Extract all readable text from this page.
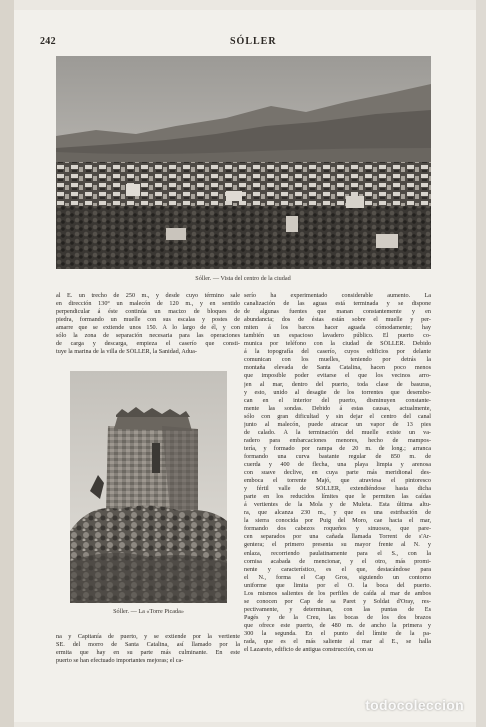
242	SÓLLER
Sóller. — Vista del centro de la ciudad

al E. un trecho de 250 m., y desde cuyo término sale

en dirección 130° un malecón de 120 m., y en sentido

perpendicular á éste continúa un macizo de bloques de

piedra, formando un muelle con sus escalas y postes de

amarre que se extiende unos 150. Á lo largo de él, y con

sólo la zona de separación necesaria para las operaciones

de carga y descarga, empieza el caserío que consti-

tuye la marina de la villa de SÓLLER, la Sanidad, Adua-

Sóller. — La «Torre Picada»

na y Capitanía de puerto, y se extiende por la vertiente

SE. del morro de Santa Catalina, así llamado por la

ermita que hay en su parte más culminante. En este

puerto se han efectuado importantes mejoras; el ca-

serío ha experimentado considerable aumento. La

canalización de las aguas está terminada y se dispone

de algunas fuentes que manan constantemente y en

abundancia; dos de éstas están sobre el muelle y per-

miten á los barcos hacer aguada cómodamente; hay

también un espacioso lavadero público. El puerto co-

munica por teléfono con la ciudad de SÓLLER. Debido

á la topografía del caserío, cuyos edificios por delante

comunican con los muelles, teniendo por detrás la

montaña elevada de Santa Catalina, hacen poco menos

que imposible poder evitarse el que los vecinos arro-

jen al mar, dentro del puerto, toda clase de basuras,

y esto, unido al desagüe de los torrentes que desembo-

can en el interior del puerto, disminuyen constante-

mente las sondas. Debido á estas causas, actualmente,

sólo con gran dificultad y sin dejar el centro del canal

junto al malecón, puede atracar un vapor de 13 pies

de calado. Á la terminación del muelle existe un va-

radero para embarcaciones menores, hecho de mampos-

tería, y formado por rampa de 20 m. de long.; arranca

formando una curva bastante regular de 850 m. de

cuerda y 400 de flecha, una playa limpia y arenosa

con suave declive, en cuya parte más meridional des-

emboca el torrente Majó, que atraviesa el pintoresco

y fértil valle de SÓLLER, extendiéndose hasta dicha

parte en los reducidos límites que le permiten las caídas

á vertientes de la Mola y de Muleta. Esta última altu-

ra, que alcanza 230 m., y que es una estribación de

la sierra conocida por Puig del Moro, cae hacia el mar,

formando dos cabezos roqueños y sinuosos, que pare-

cen separados por una cañada llamada Torrent de s'Ar-

gentera; el primero presenta su mayor frente al N. y

enlaza, recorriendo paulatinamente para el S., con la

cornisa acabada de mencionar, y el otro, más promi-

nente y característico, es el que, destacándose para

el N., forma el Cap Gros, siguiendo un contorno

uniforme que limita por el O. la boca del puerto.

Los mismos salientes de los perfiles de caída al mar de ambos

se conocen por Cap de sa Paret y Soldat d'Oray, res-

pectivamente, y determinan, con las puntas de Es

Pagés y de la Creu, las bocas de los dos brazos

que ofrece este puerto, de 480 m. de ancho la primera y

300 la segunda. En el punto del límite de la pa-

rada, que es el más saliente al mar al E., se halla

el Lazareto, edificio de antigua construcción, con su

todocoleccion
